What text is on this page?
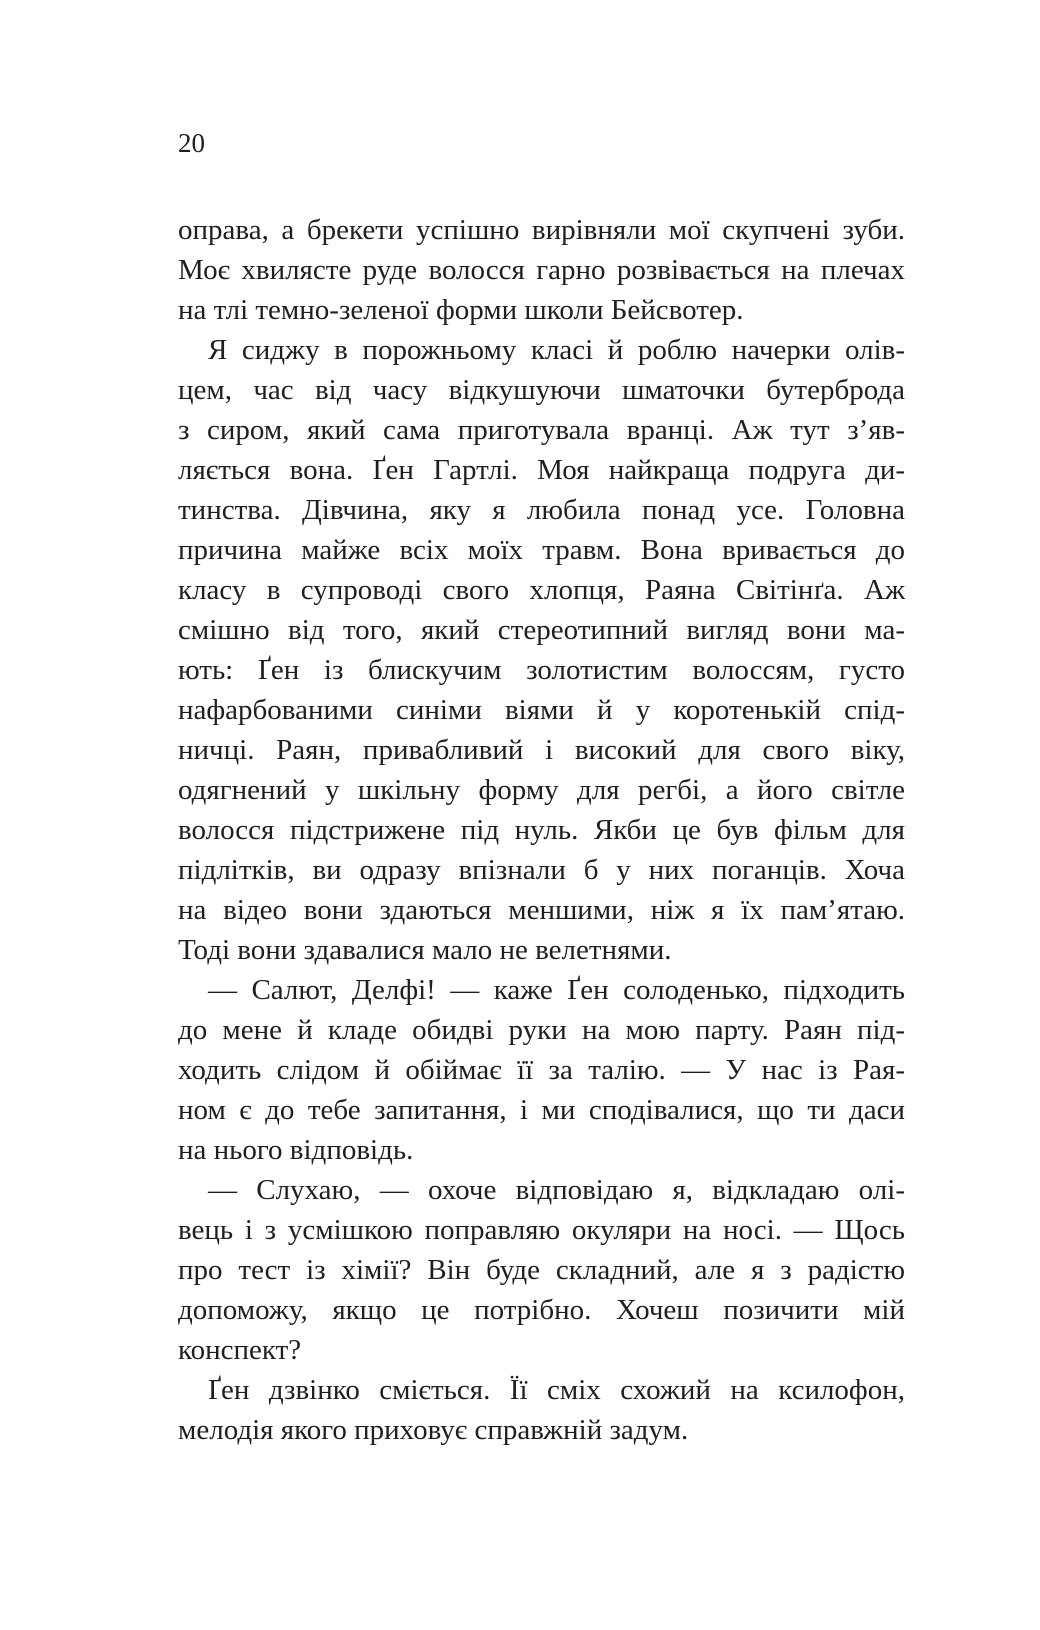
20
оправа, а брекети успішно вирівняли мої скупчені зуби.
Моє хвилясте руде волосся гарно розвівається на плечах
на тлі темно-зеленої форми школи Бейсвотер.
Я сиджу в порожньому класі й роблю начерки олів-
цем, час від часу відкушуючи шматочки бутерброда
з сиром, який сама приготувала вранці. Аж тут з’яв-
ляється вона. Ґен Гартлі. Моя найкраща подруга ди-
тинства. Дівчина, яку я любила понад усе. Головна
причина майже всіх моїх травм. Вона вривається до
класу в супроводі свого хлопця, Раяна Світінґа. Аж
смішно від того, який стереотипний вигляд вони ма-
ють: Ґен із блискучим золотистим волоссям, густо
нафарбованими синіми віями й у коротенькій спід-
ничці. Раян, привабливий і високий для свого віку,
одягнений у шкільну форму для регбі, а його світле
волосся підстрижене під нуль. Якби це був фільм для
підлітків, ви одразу впізнали б у них поганців. Хоча
на відео вони здаються меншими, ніж я їх пам’ятаю.
Тоді вони здавалися мало не велетнями.
— Салют, Делфі! — каже Ґен солоденько, підходить
до мене й кладе обидві руки на мою парту. Раян під-
ходить слідом й обіймає її за талію. — У нас із Рая-
ном є до тебе запитання, і ми сподівалися, що ти даси
на нього відповідь.
— Слухаю, — охоче відповідаю я, відкладаю олі-
вець і з усмішкою поправляю окуляри на носі. — Щось
про тест із хімії? Він буде складний, але я з радістю
допоможу, якщо це потрібно. Хочеш позичити мій
конспект?
Ґен дзвінко сміється. Її сміх схожий на ксилофон,
мелодія якого приховує справжній задум.
